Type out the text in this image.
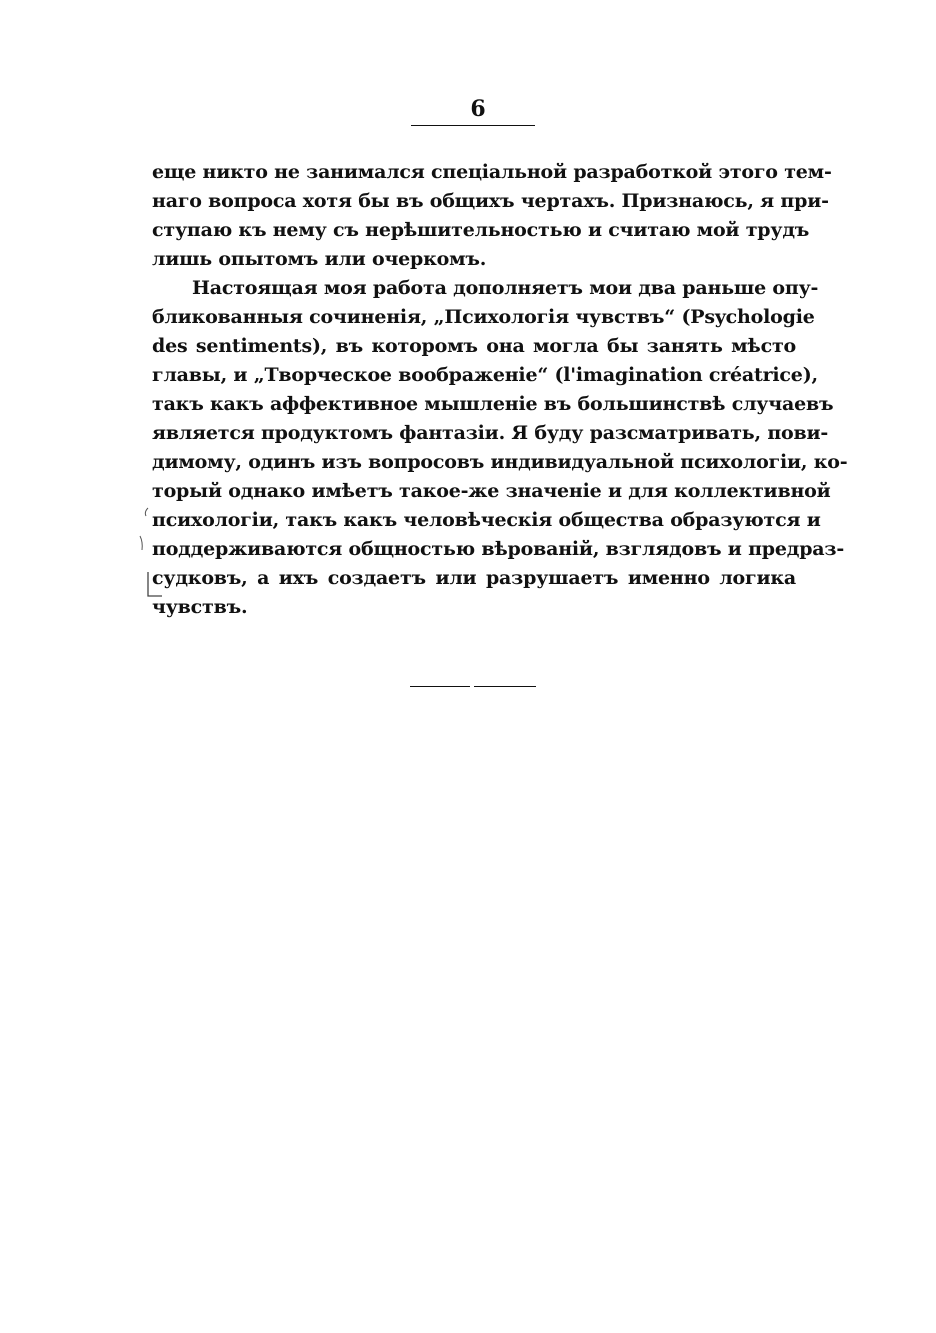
6
еще никто не занимался спеціальной разработкой этого тем-
наго вопроса хотя бы въ общихъ чертахъ. Признаюсь, я при-
ступаю къ нему съ нерѣшительностью и считаю мой трудъ
лишь опытомъ или очеркомъ.
Настоящая моя работа дополняетъ мои два раньше опу-
бликованныя сочиненія, „Психологія чувствъ“ (Psychologie
des sentiments), въ которомъ она могла бы занять мѣсто
главы, и „Творческое воображеніе“ (l'imagination créatrice),
такъ какъ аффективное мышленіе въ большинствѣ случаевъ
является продуктомъ фантазіи. Я буду разсматривать, пови-
димому, одинъ изъ вопросовъ индивидуальной психологіи, ко-
торый однако имѣетъ такое-же значеніе и для коллективной
психологіи, такъ какъ человѣческія общества образуются и
поддерживаются общностью вѣрованій, взглядовъ и предраз-
судковъ, а ихъ создаетъ или разрушаетъ именно логика
чувствъ.
